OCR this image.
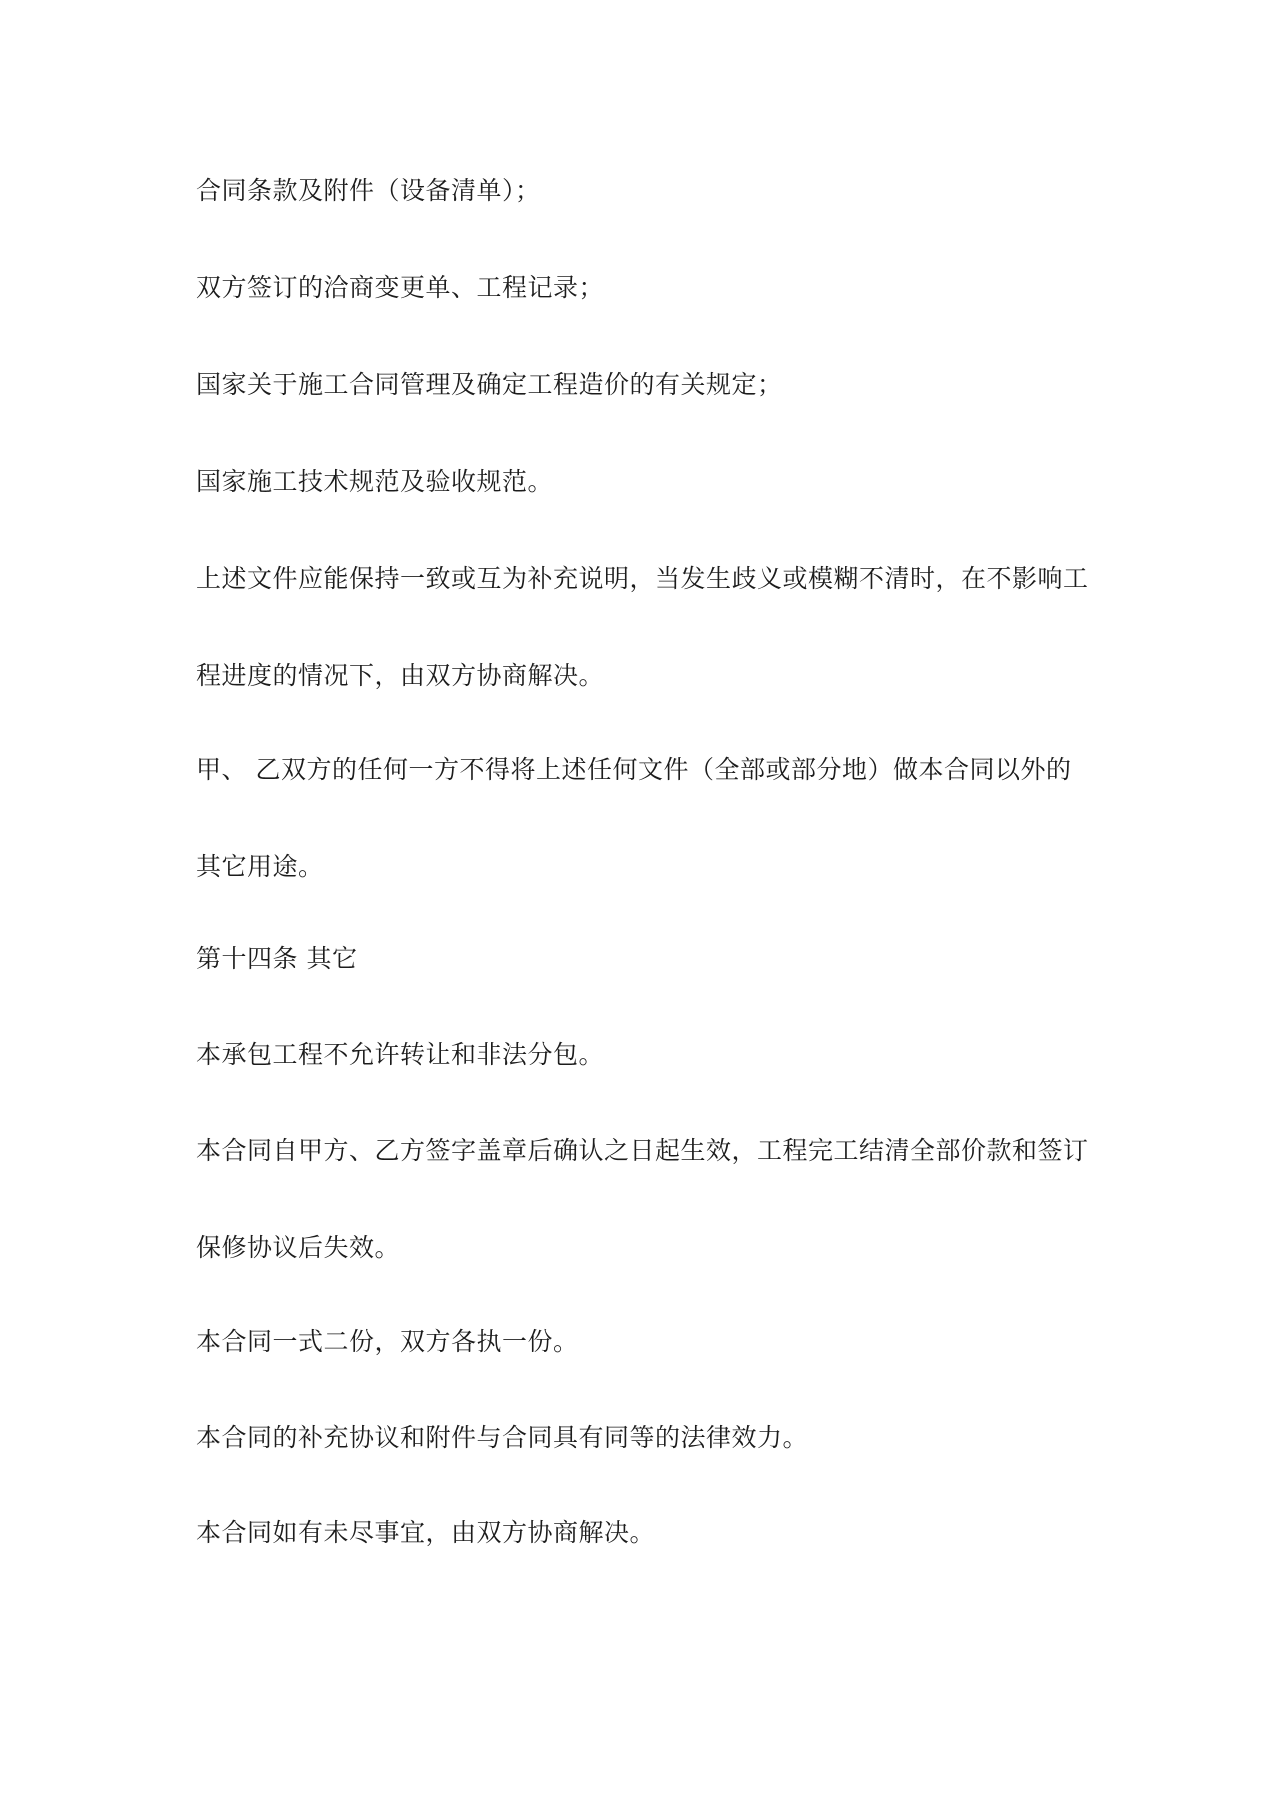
合同条款及附件（设备清单）；

双方签订的洽商变更单、工程记录；

国家关于施工合同管理及确定工程造价的有关规定；

国家施工技术规范及验收规范。

上述文件应能保持一致或互为补充说明，当发生歧义或模糊不清时，在不影响工程进度的情况下，由双方协商解决。

甲、 乙双方的任何一方不得将上述任何文件（全部或部分地）做本合同以外的其它用途。

第十四条 其它

本承包工程不允许转让和非法分包。

本合同自甲方、乙方签字盖章后确认之日起生效，工程完工结清全部价款和签订保修协议后失效。

本合同一式二份，双方各执一份。

本合同的补充协议和附件与合同具有同等的法律效力。

本合同如有未尽事宜，由双方协商解决。
